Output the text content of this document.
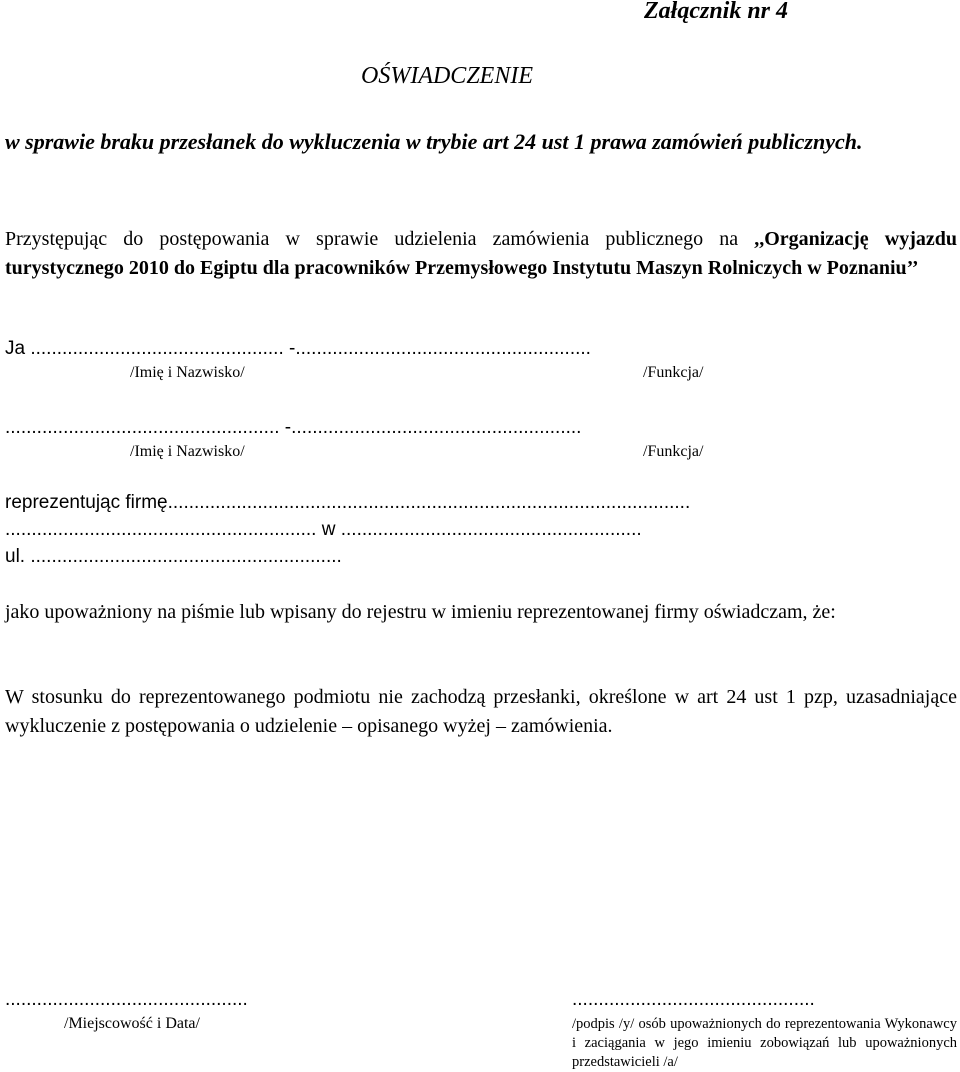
Załącznik nr 4
OŚWIADCZENIE
w sprawie braku przesłanek do wykluczenia w trybie art 24 ust 1 prawa zamówień publicznych.
Przystępując do postępowania w sprawie udzielenia zamówienia publicznego na ,,Organizację wyjazdu turystycznego 2010 do Egiptu dla pracowników Przemysłowego Instytutu Maszyn Rolniczych w Poznaniu’’
Ja ................................................ -........................................................
/Imię i Nazwisko/	/Funkcja/
.................................................... -.......................................................
/Imię i Nazwisko/	/Funkcja/
reprezentując firmę...................................................................................................
........................................................... w .........................................................
ul. ...........................................................
jako upoważniony na piśmie lub wpisany do rejestru w imieniu reprezentowanej firmy oświadczam, że:
W stosunku do reprezentowanego podmiotu nie zachodzą przesłanki, określone w art 24 ust 1 pzp, uzasadniające wykluczenie z postępowania o udzielenie – opisanego wyżej – zamówienia.
..............................................
/Miejscowość i Data/
..............................................
/podpis /y/ osób upoważnionych do reprezentowania Wykonawcy i zaciągania w jego imieniu zobowiązań lub upoważnionych przedstawicieli /a/
